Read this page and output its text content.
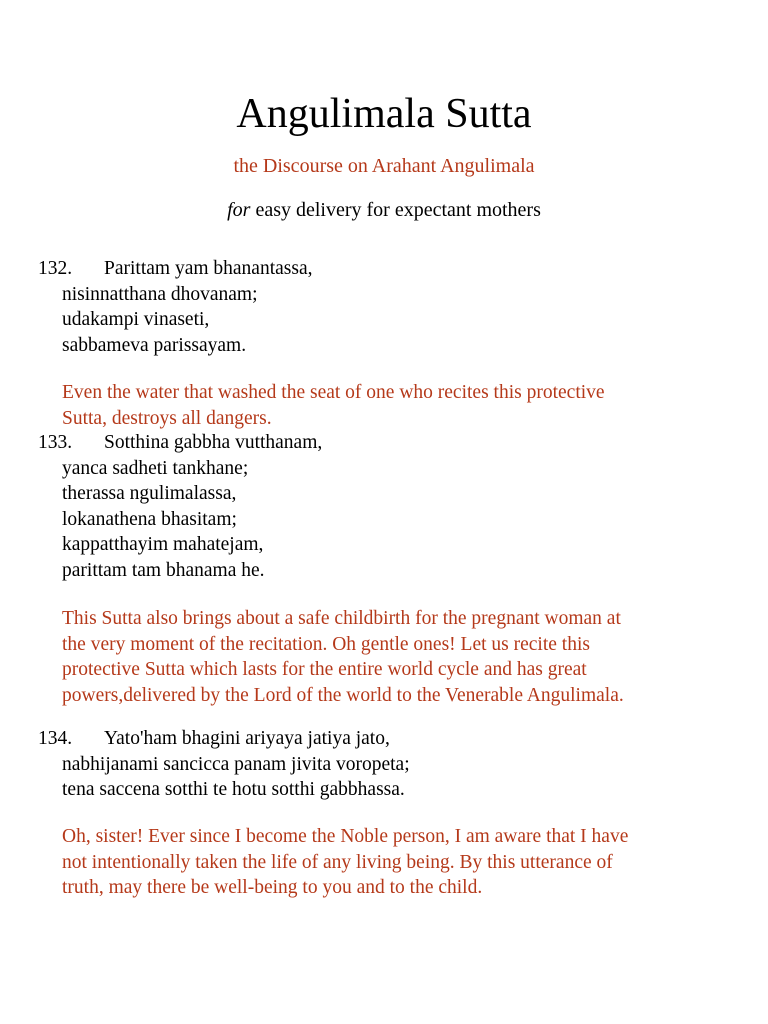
Angulimala Sutta
the Discourse on Arahant Angulimala
for easy delivery for expectant mothers
132. Parittam yam bhanantassa,
nisinnatthana dhovanam;
udakampi vinaseti,
sabbameva parissayam.
Even the water that washed the seat of one who recites this protective
Sutta, destroys all dangers.
133. Sotthina gabbha vutthanam,
yanca sadheti tankhane;
therassa ngulimalassa,
lokanathena bhasitam;
kappatthayim mahatejam,
parittam tam bhanama he.
This Sutta also brings about a safe childbirth for the pregnant woman at
the very moment of the recitation. Oh gentle ones! Let us recite this
protective Sutta which lasts for the entire world cycle and has great
powers,delivered by the Lord of the world to the Venerable Angulimala.
134. Yato'ham bhagini ariyaya jatiya jato,
nabhijanami sancicca panam jivita voropeta;
tena saccena sotthi te hotu sotthi gabbhassa.
Oh, sister! Ever since I become the Noble person, I am aware that I have
not intentionally taken the life of any living being. By this utterance of
truth, may there be well-being to you and to the child.
